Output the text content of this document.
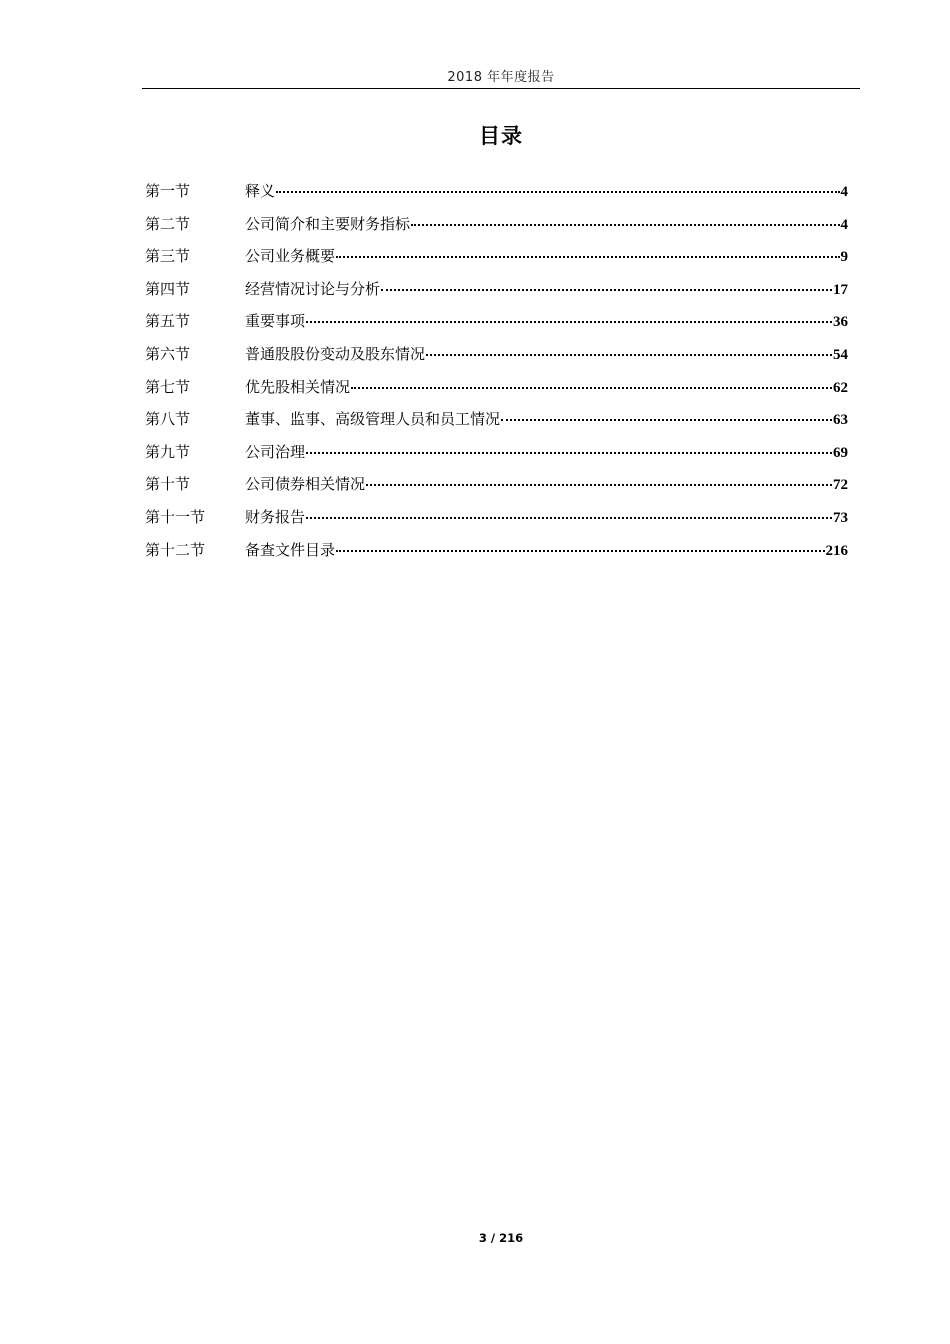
2018 年年度报告
目录
第一节	释义	4
第二节	公司简介和主要财务指标	4
第三节	公司业务概要	9
第四节	经营情况讨论与分析	17
第五节	重要事项	36
第六节	普通股股份变动及股东情况	54
第七节	优先股相关情况	62
第八节	董事、监事、高级管理人员和员工情况	63
第九节	公司治理	69
第十节	公司债券相关情况	72
第十一节	财务报告	73
第十二节	备查文件目录	216
3 / 216
